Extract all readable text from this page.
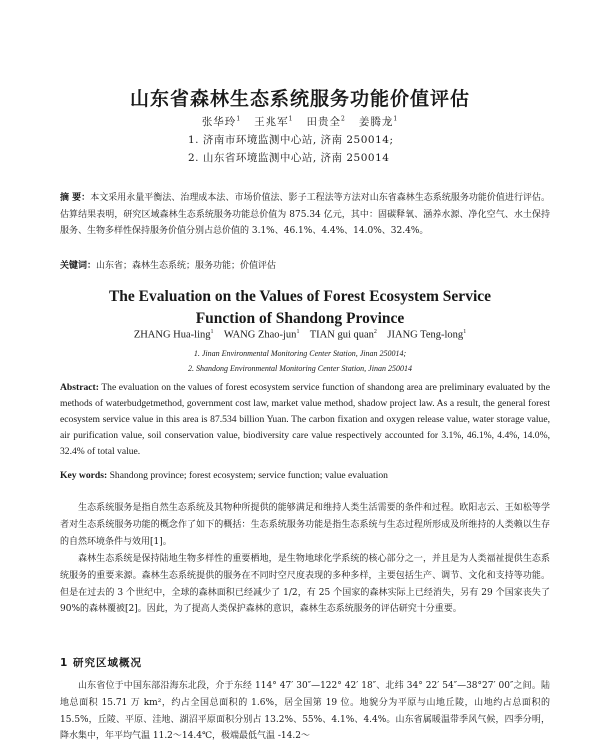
山东省森林生态系统服务功能价值评估
张华玲$^1$ 王兆军$^1$ 田贵全$^2$ 姜腾龙$^1$
1. 济南市环境监测中心站, 济南 250014;
2. 山东省环境监测中心站, 济南 250014
摘 要：本文采用永量平衡法、治理成本法、市场价值法、影子工程法等方法对山东省森林生态系统服务功能价值进行评估。估算结果表明，研究区域森林生态系统服务功能总价值为 875.34 亿元，其中：固碳释氧、涵养水源、净化空气、水土保持服务、生物多样性保持服务价值分别占总价值的 3.1%、46.1%、4.4%、14.0%、32.4%。
关键词：山东省；森林生态系统；服务功能；价值评估
The Evaluation on the Values of Forest Ecosystem Service
Function of Shandong Province
ZHANG Hua-ling$^1$ WANG Zhao-jun$^1$ TIAN gui quan$^2$ JIANG Teng-long$^1$
1. Jinan Environmental Monitoring Center Station, Jinan 250014;
2. Shandong Environmental Monitoring Center Station, Jinan 250014
Abstract: The evaluation on the values of forest ecosystem service function of shandong area are preliminary evaluated by the methods of waterbudgetmethod, government cost law, market value method, shadow project law. As a result, the general forest ecosystem service value in this area is 87.534 billion Yuan. The carbon fixation and oxygen release value, water storage value, air purification value, soil conservation value, biodiversity care value respectively accounted for 3.1%, 46.1%, 4.4%, 14.0%, 32.4% of total value.
Key words: Shandong province; forest ecosystem; service function; value evaluation
生态系统服务是指自然生态系统及其物种所提供的能够满足和维持人类生活需要的条件和过程。欧阳志云、王如松等学者对生态系统服务功能的概念作了如下的概括：生态系统服务功能是指生态系统与生态过程所形成及所维持的人类赖以生存的自然环境条件与效用[1]。
森林生态系统是保持陆地生物多样性的重要栖地，是生物地球化学系统的核心部分之一，并且是为人类福祉提供生态系统服务的重要来源。森林生态系统提供的服务在不同时空尺度表现的多种多样，主要包括生产、调节、文化和支持等功能。但是在过去的 3 个世纪中，全球的森林面积已经减少了 1/2，有 25 个国家的森林实际上已经消失，另有 29 个国家丧失了 90%的森林覆被[2]。因此，为了提高人类保护森林的意识，森林生态系统服务的评估研究十分重要。
1 研究区域概况
山东省位于中国东部沿海东北段，介于东经 114° 47′ 30″—122° 42′ 18″、北纬 34° 22′ 54″—38°27′ 00″之间。陆地总面积 15.71 万 km²，约占全国总面积的 1.6%，居全国第 19 位。地貌分为平原与山地丘陵，山地约占总面积的 15.5%，丘陵、平原、洼地、湖沼平原面积分别占 13.2%、55%、4.1%、4.4%。山东省属暖温带季风气候，四季分明，降水集中，年平均气温 11.2～14.4℃，极端最低气温 -14.2～
